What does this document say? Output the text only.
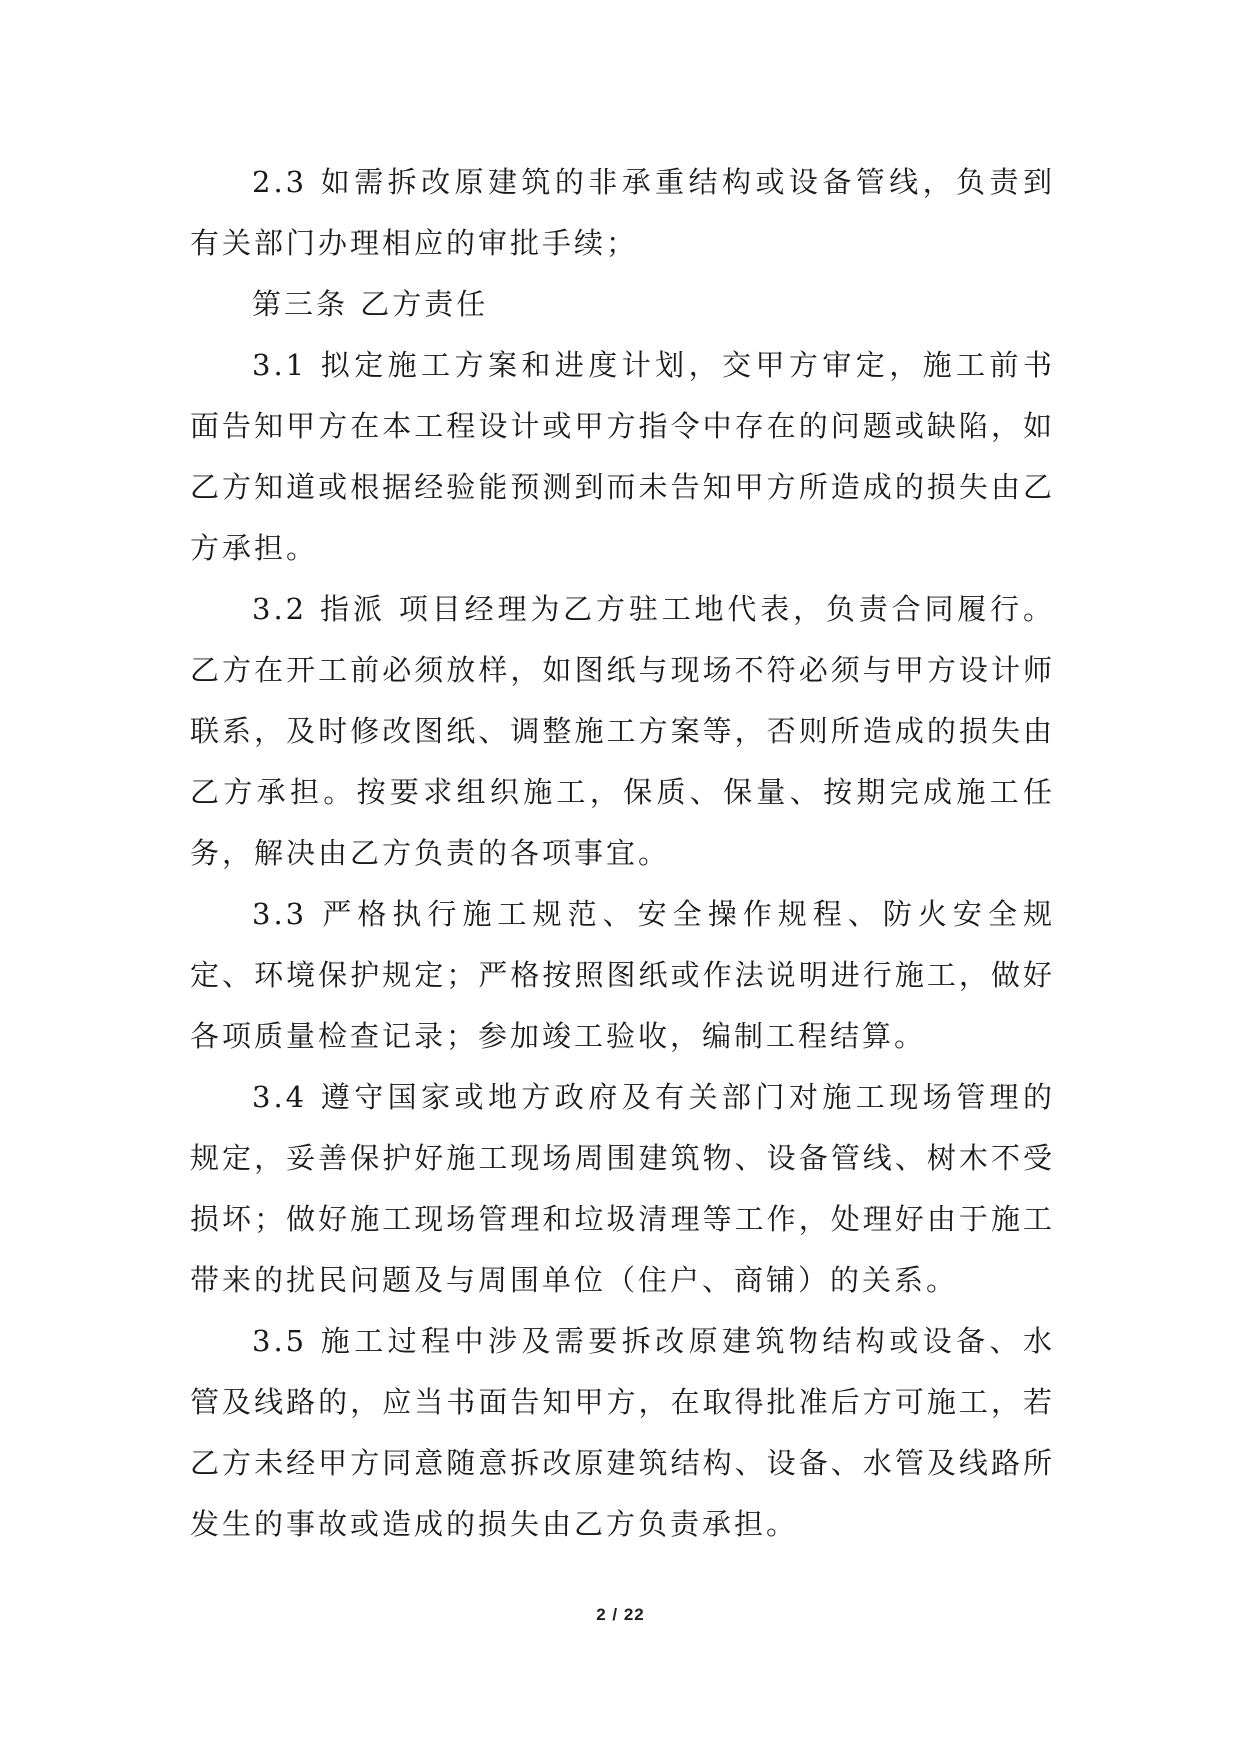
2.3 如需拆改原建筑的非承重结构或设备管线，负责到有关部门办理相应的审批手续；

第三条 乙方责任

3.1 拟定施工方案和进度计划，交甲方审定，施工前书面告知甲方在本工程设计或甲方指令中存在的问题或缺陷，如乙方知道或根据经验能预测到而未告知甲方所造成的损失由乙方承担。

3.2 指派 项目经理为乙方驻工地代表，负责合同履行。乙方在开工前必须放样，如图纸与现场不符必须与甲方设计师联系，及时修改图纸、调整施工方案等，否则所造成的损失由乙方承担。按要求组织施工，保质、保量、按期完成施工任务，解决由乙方负责的各项事宜。

3.3 严格执行施工规范、安全操作规程、防火安全规定、环境保护规定；严格按照图纸或作法说明进行施工，做好各项质量检查记录；参加竣工验收，编制工程结算。

3.4 遵守国家或地方政府及有关部门对施工现场管理的规定，妥善保护好施工现场周围建筑物、设备管线、树木不受损坏；做好施工现场管理和垃圾清理等工作，处理好由于施工带来的扰民问题及与周围单位（住户、商铺）的关系。

3.5 施工过程中涉及需要拆改原建筑物结构或设备、水管及线路的，应当书面告知甲方，在取得批准后方可施工，若乙方未经甲方同意随意拆改原建筑结构、设备、水管及线路所发生的事故或造成的损失由乙方负责承担。

2 / 22
